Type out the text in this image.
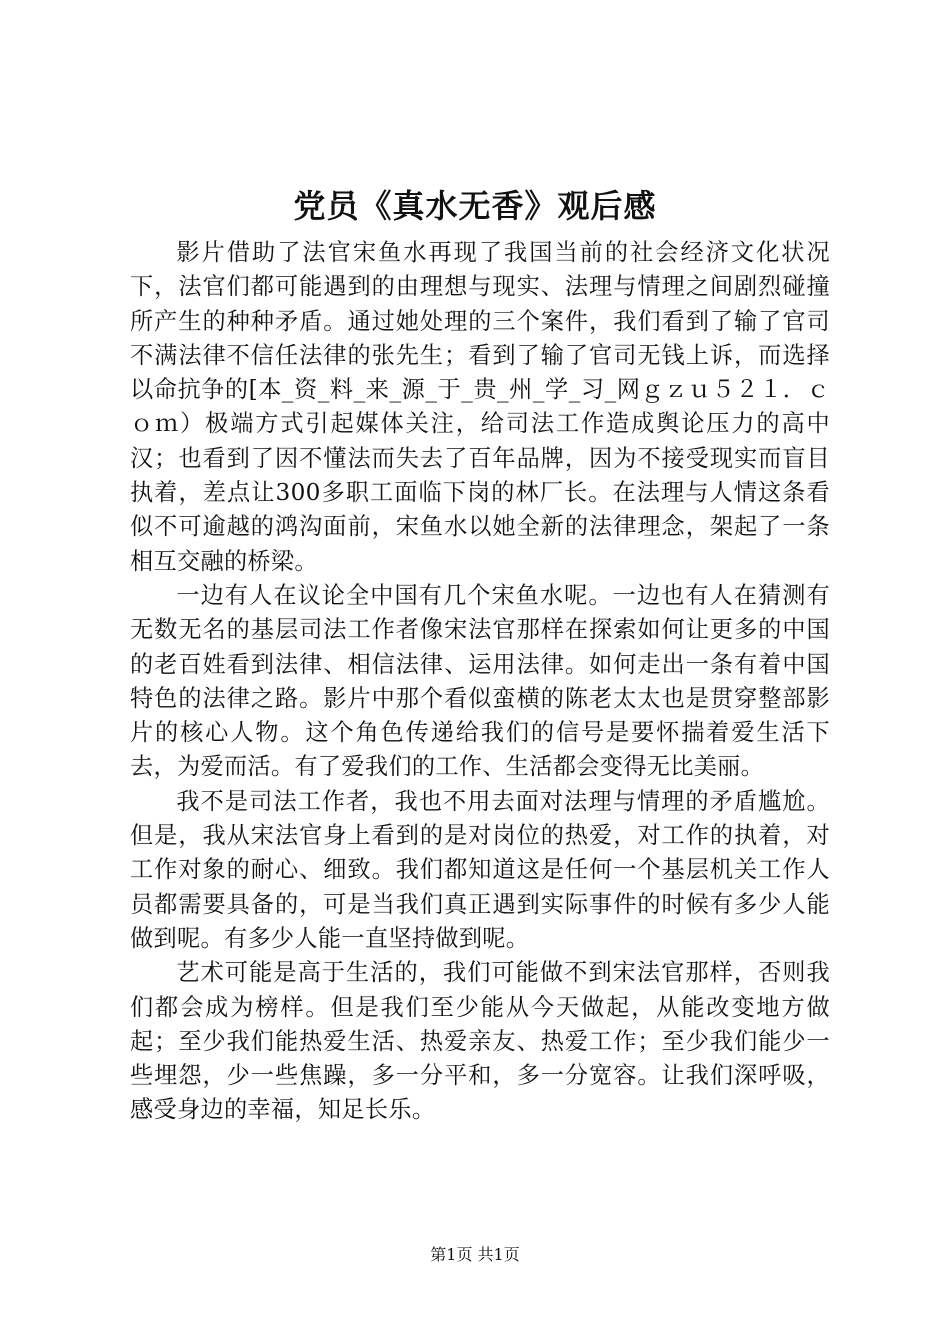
党员《真水无香》观后感

影片借助了法官宋鱼水再现了我国当前的社会经济文化状况下，法官们都可能遇到的由理想与现实、法理与情理之间剧烈碰撞所产生的种种矛盾。通过她处理的三个案件，我们看到了输了官司不满法律不信任法律的张先生；看到了输了官司无钱上诉，而选择以命抗争的[本_资_料_来_源_于_贵_州_学_习_网ｇｚｕ５２１．ｃｏｍ）极端方式引起媒体关注，给司法工作造成舆论压力的高中汉；也看到了因不懂法而失去了百年品牌，因为不接受现实而盲目执着，差点让300多职工面临下岗的林厂长。在法理与人情这条看似不可逾越的鸿沟面前，宋鱼水以她全新的法律理念，架起了一条相互交融的桥梁。

一边有人在议论全中国有几个宋鱼水呢。一边也有人在猜测有无数无名的基层司法工作者像宋法官那样在探索如何让更多的中国的老百姓看到法律、相信法律、运用法律。如何走出一条有着中国特色的法律之路。影片中那个看似蛮横的陈老太太也是贯穿整部影片的核心人物。这个角色传递给我们的信号是要怀揣着爱生活下去，为爱而活。有了爱我们的工作、生活都会变得无比美丽。

我不是司法工作者，我也不用去面对法理与情理的矛盾尴尬。但是，我从宋法官身上看到的是对岗位的热爱，对工作的执着，对工作对象的耐心、细致。我们都知道这是任何一个基层机关工作人员都需要具备的，可是当我们真正遇到实际事件的时候有多少人能做到呢。有多少人能一直坚持做到呢。

艺术可能是高于生活的，我们可能做不到宋法官那样，否则我们都会成为榜样。但是我们至少能从今天做起，从能改变地方做起；至少我们能热爱生活、热爱亲友、热爱工作；至少我们能少一些埋怨，少一些焦躁，多一分平和，多一分宽容。让我们深呼吸，感受身边的幸福，知足长乐。

第1页 共1页
